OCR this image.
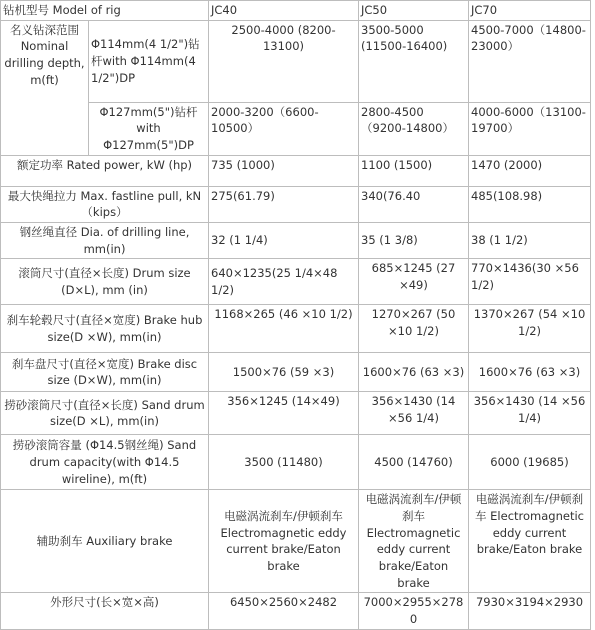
钻机型号 Model of rig		JC40	JC50	JC70
名义钻深范围 Nominal drilling depth, m(ft)	Φ114mm(4 1/2")钻杆with Φ114mm(4 1/2")DP	2500-4000 (8200-13100)	3500-5000 (11500-16400)	4500-7000（14800-23000）
	Φ127mm(5")钻杆with Φ127mm(5")DP	2000-3200（6600-10500）	2800-4500（9200-14800）	4000-6000（13100-19700）
额定功率 Rated power, kW (hp)		735 (1000)	1100 (1500)	1470 (2000)
最大快绳拉力 Max. fastline pull, kN（kips）		275(61.79)	340(76.40	485(108.98)
钢丝绳直径 Dia. of drilling line, mm(in)		32 (1 1/4)	35 (1 3/8)	38 (1 1/2)
滚筒尺寸(直径×长度) Drum size (D×L), mm (in)		640×1235(25 1/4×48 1/2)	685×1245 (27 ×49)	770×1436(30 ×56 1/2)
刹车轮毂尺寸(直径×宽度) Brake hub size(D ×W), mm(in)		1168×265 (46 ×10 1/2)	1270×267 (50 ×10 1/2)	1370×267 (54 ×10 1/2)
刹车盘尺寸(直径×宽度) Brake disc size (D×W), mm(in)		1500×76 (59 ×3)	1600×76 (63 ×3)	1600×76 (63 ×3)
捞砂滚筒尺寸(直径×长度) Sand drum size(D ×L), mm(in)		356×1245 (14×49)	356×1430 (14 ×56 1/4)	356×1430 (14 ×56 1/4)
捞砂滚筒容量 (Φ14.5钢丝绳) Sand drum capacity(with Φ14.5 wireline), m(ft)		3500 (11480)	4500 (14760)	6000 (19685)
辅助刹车 Auxiliary brake		电磁涡流刹车/伊顿刹车 Electromagnetic eddy current brake/Eaton brake	电磁涡流刹车/伊顿刹车 Electromagnetic eddy current brake/Eaton brake	电磁涡流刹车/伊顿刹车 Electromagnetic eddy current brake/Eaton brake
外形尺寸(长×宽×高)		6450×2560×2482	7000×2955×2780	7930×3194×2930
